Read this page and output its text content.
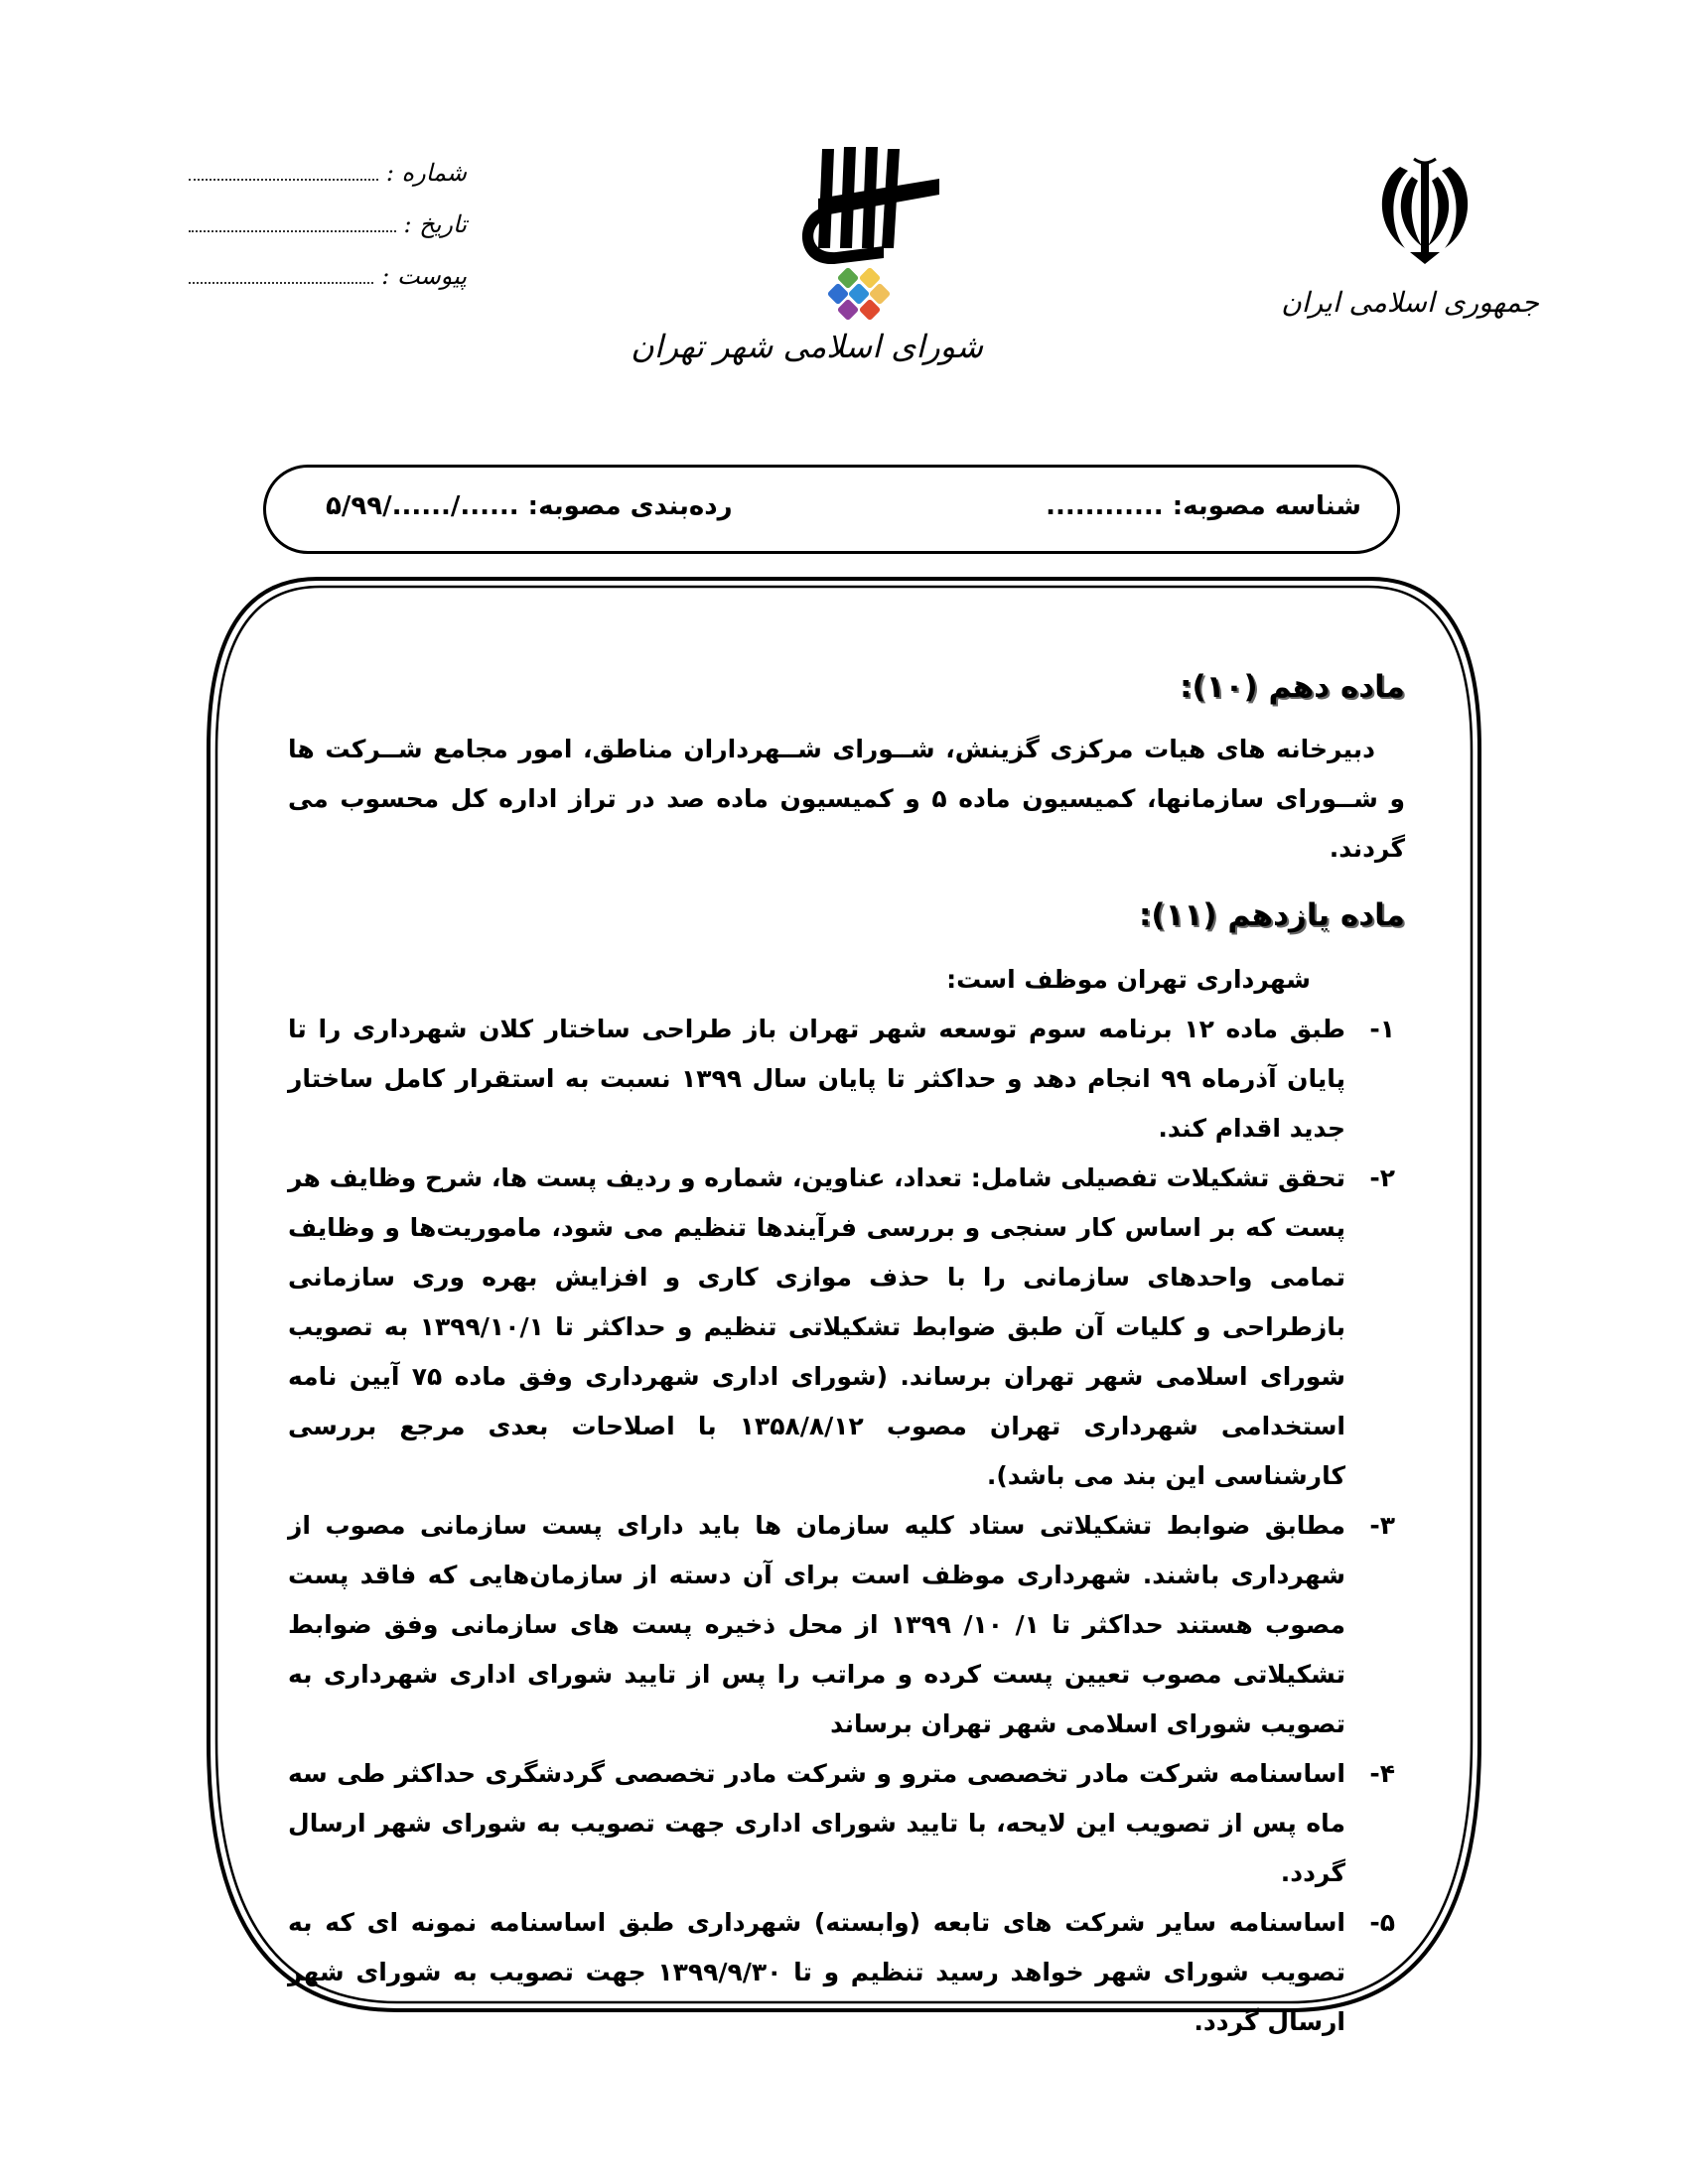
جمهوری اسلامی ایران
شورای اسلامی شهر تهران
شماره :
تاریخ :
پیوست :
شناسه مصوبه: ............
رده‌بندی مصوبه: ....../....../۵/۹۹
ماده دهم (۱۰):

دبیرخانه های هیات مرکزی گزینش، شــورای شــهرداران مناطق، امور مجامع شــرکت ها و شــورای سازمانها، کمیسیون ماده ۵ و کمیسیون ماده صد در تراز اداره کل محسوب می گردند.

ماده یازدهم (۱۱):
شهرداری تهران موظف است:
۱-
طبق ماده ۱۲ برنامه سوم توسعه شهر تهران باز طراحی ساختار کلان شهرداری را تا پایان آذرماه ۹۹ انجام دهد و حداکثر تا پایان سال ۱۳۹۹ نسبت به استقرار کامل ساختار جدید اقدام کند.
۲-
تحقق تشکیلات تفصیلی شامل: تعداد، عناوین، شماره و ردیف پست ها، شرح وظایف هر پست که بر اساس کار سنجی و بررسی فرآیندها تنظیم می شود، ماموریت‌ها و وظایف تمامی واحدهای سازمانی را با حذف موازی کاری و افزایش بهره وری سازمانی بازطراحی و کلیات آن طبق ضوابط تشکیلاتی تنظیم و حداکثر تا ۱۳۹۹/۱۰/۱ به تصویب شورای اسلامی شهر تهران برساند. (شورای اداری شهرداری وفق ماده ۷۵ آیین نامه استخدامی شهرداری تهران مصوب ۱۳۵۸/۸/۱۲ با اصلاحات بعدی مرجع بررسی کارشناسی این بند می باشد).
۳-
مطابق ضوابط تشکیلاتی ستاد کلیه سازمان ها باید دارای پست سازمانی مصوب از شهرداری باشند. شهرداری موظف است برای آن دسته از سازمان‌هایی که فاقد پست مصوب هستند حداکثر تا ۱/ ۱۰/ ۱۳۹۹ از محل ذخیره پست های سازمانی وفق ضوابط تشکیلاتی مصوب تعیین پست کرده و مراتب را پس از تایید شورای اداری شهرداری به تصویب شورای اسلامی شهر تهران برساند
۴-
اساسنامه شرکت مادر تخصصی مترو و شرکت مادر تخصصی گردشگری حداکثر طی سه ماه پس از تصویب این لایحه، با تایید شورای اداری جهت تصویب به شورای شهر ارسال گردد.
۵-
اساسنامه سایر شرکت های تابعه (وابسته) شهرداری طبق اساسنامه نمونه ای که به تصویب شورای شهر خواهد رسید تنظیم و تا ۱۳۹۹/۹/۳۰ جهت تصویب به شورای شهر ارسال گردد.
